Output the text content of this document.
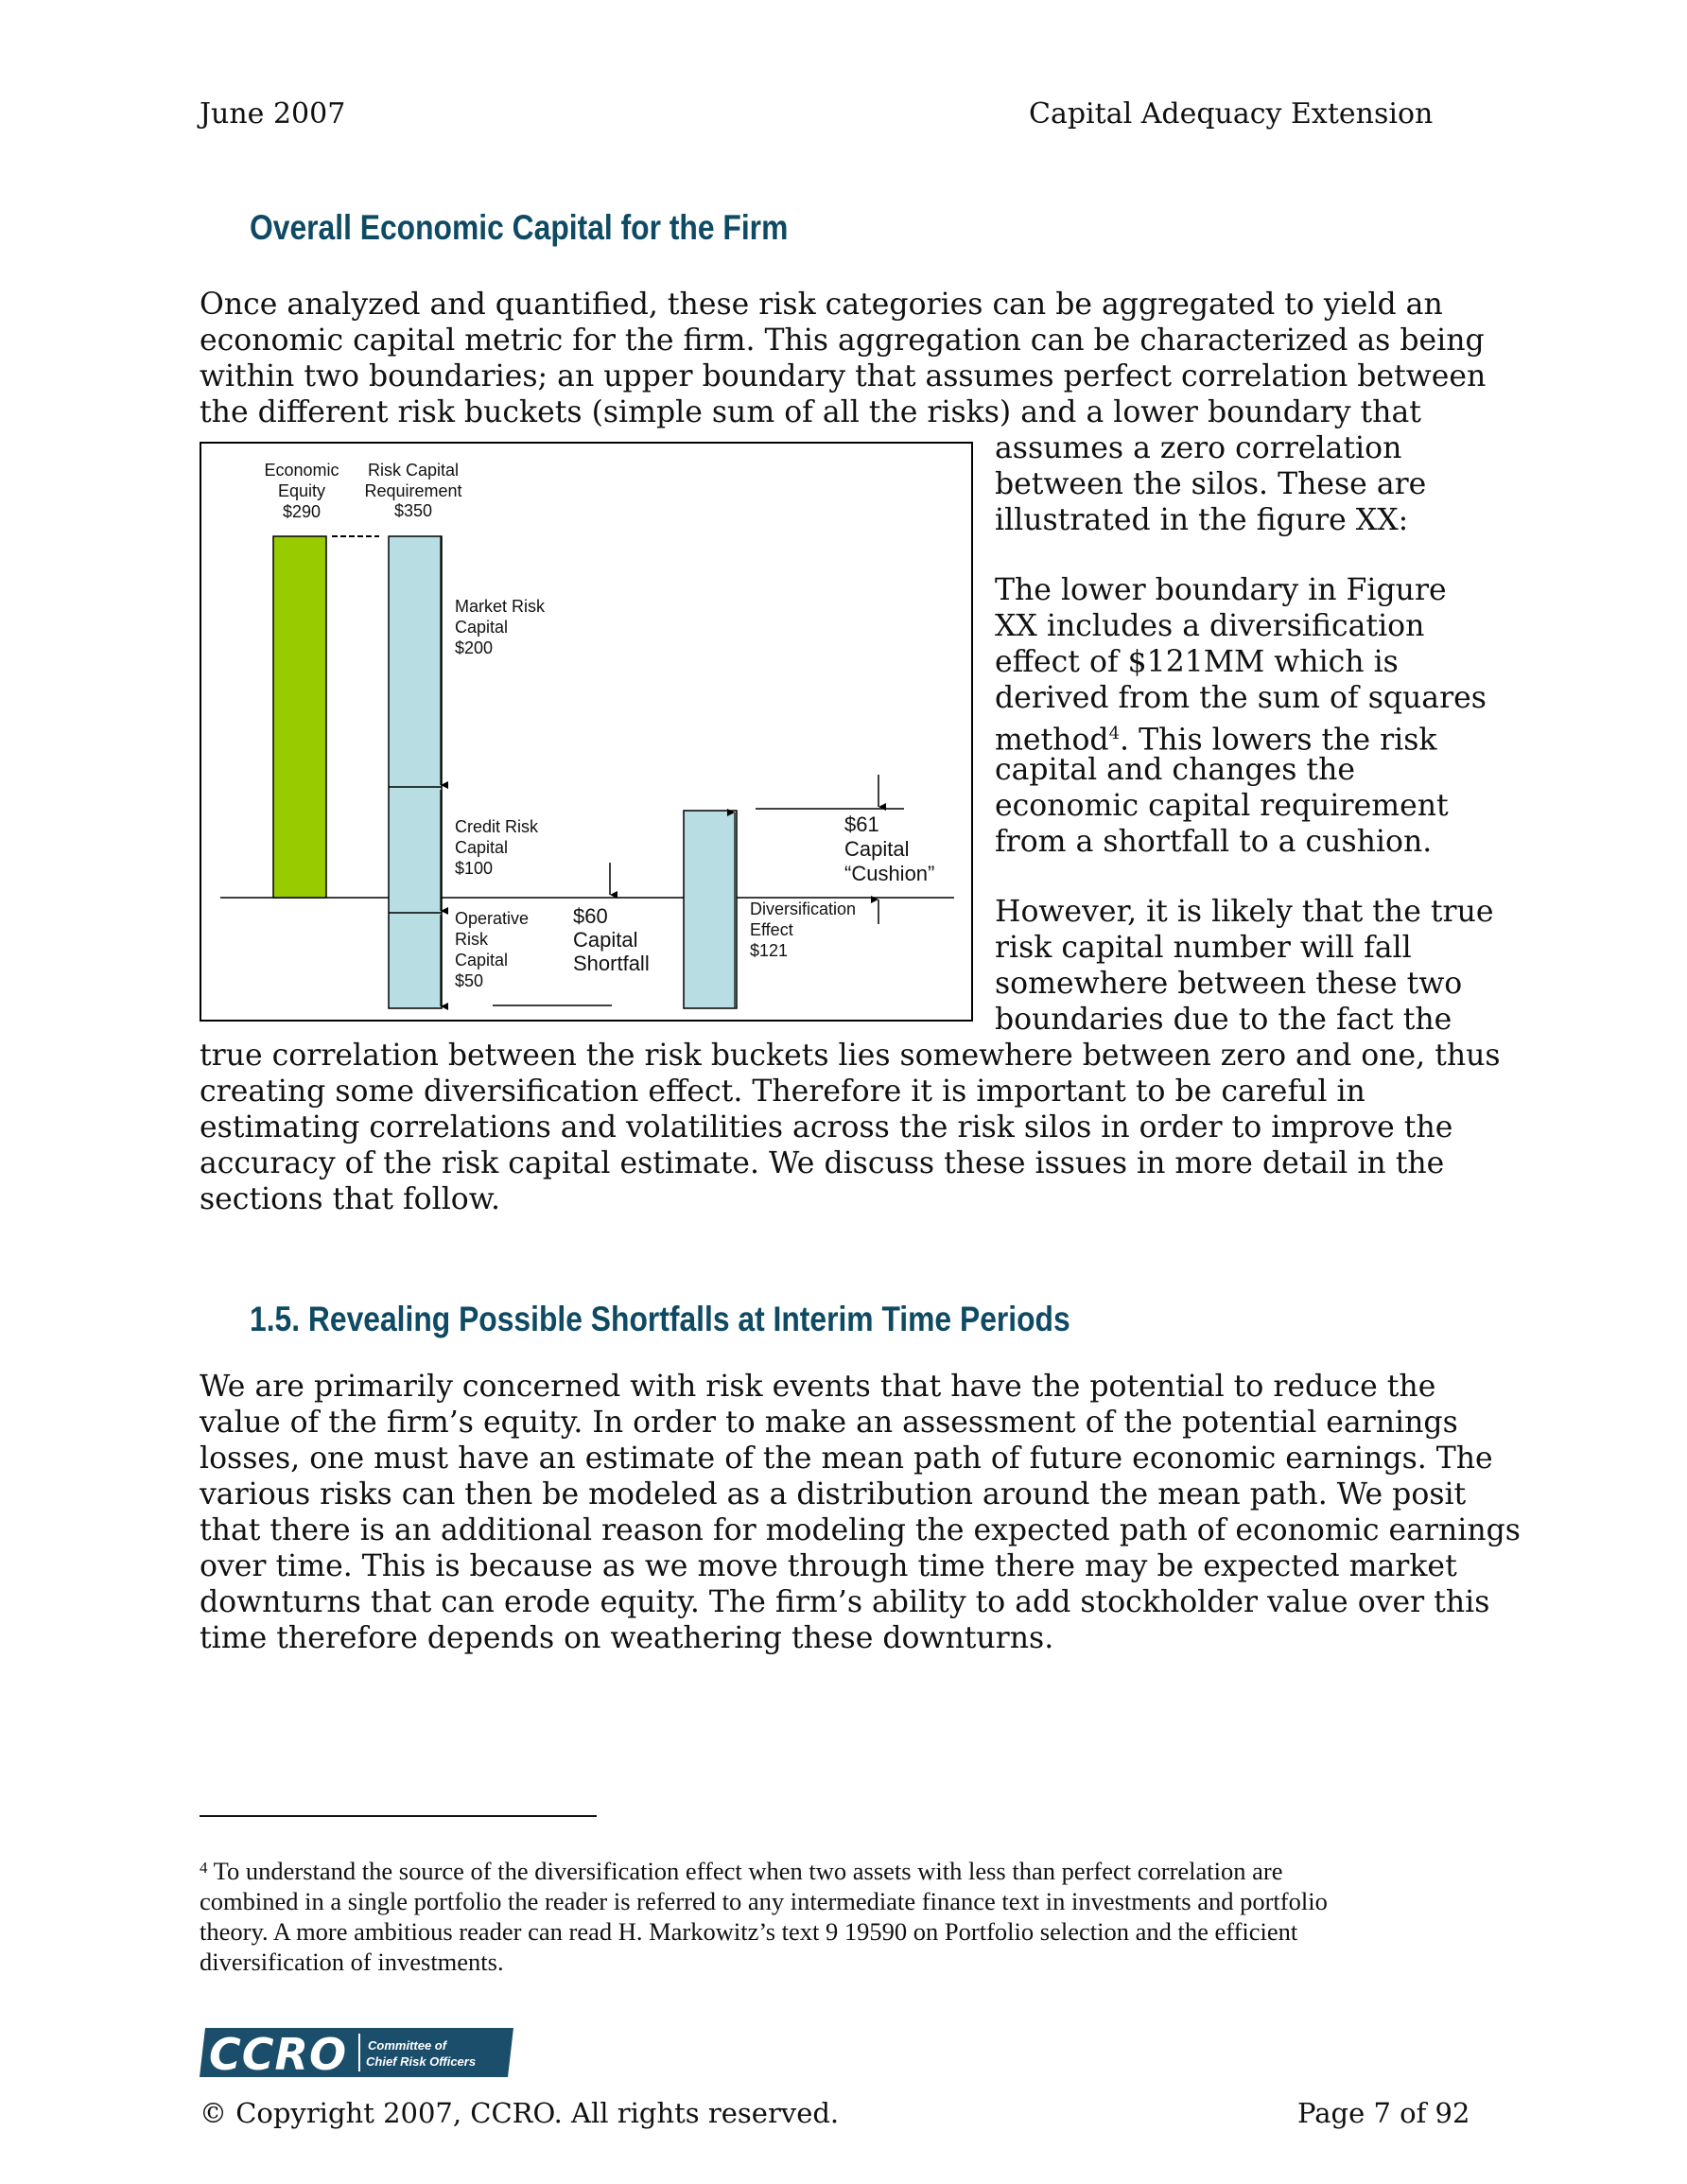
June 2007	Capital Adequacy Extension
Overall Economic Capital for the Firm
Once analyzed and quantified, these risk categories can be aggregated to yield an
economic capital metric for the firm. This aggregation can be characterized as being
within two boundaries; an upper boundary that assumes perfect correlation between
the different risk buckets (simple sum of all the risks) and a lower boundary that
assumes a zero correlation
between the silos. These are
illustrated in the figure XX:
The lower boundary in Figure
XX includes a diversification
effect of $121MM which is
derived from the sum of squares
method$^4$. This lowers the risk
capital and changes the
economic capital requirement
from a shortfall to a cushion.
However, it is likely that the true
risk capital number will fall
somewhere between these two
boundaries due to the fact the
Economic
Equity
$290
Risk Capital
Requirement
$350
Market Risk
Capital
$200
Credit Risk
Capital
$100
Operative
Risk
Capital
$50
Diversification
Effect
$121
$60
Capital
Shortfall
$61
Capital
“Cushion”
true correlation between the risk buckets lies somewhere between zero and one, thus
creating some diversification effect. Therefore it is important to be careful in
estimating correlations and volatilities across the risk silos in order to improve the
accuracy of the risk capital estimate. We discuss these issues in more detail in the
sections that follow.
1.5. Revealing Possible Shortfalls at Interim Time Periods
We are primarily concerned with risk events that have the potential to reduce the
value of the firm’s equity. In order to make an assessment of the potential earnings
losses, one must have an estimate of the mean path of future economic earnings. The
various risks can then be modeled as a distribution around the mean path. We posit
that there is an additional reason for modeling the expected path of economic earnings
over time. This is because as we move through time there may be expected market
downturns that can erode equity. The firm’s ability to add stockholder value over this
time therefore depends on weathering these downturns.
$^4$ To understand the source of the diversification effect when two assets with less than perfect correlation are
combined in a single portfolio the reader is referred to any intermediate finance text in investments and portfolio
theory. A more ambitious reader can read H. Markowitz’s text 9 19590 on Portfolio selection and the efficient
diversification of investments.
CCRO Committee of
Chief Risk Officers
© Copyright 2007, CCRO. All rights reserved.	Page 7 of 92
